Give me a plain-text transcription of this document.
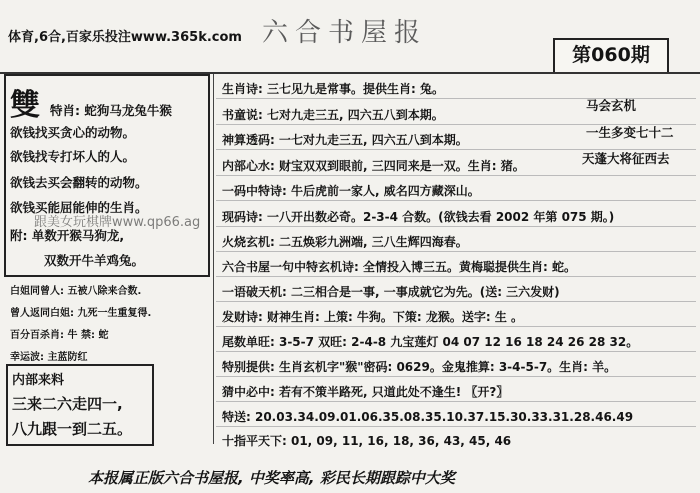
体育,6合,百家乐投注www.365k.com 六合书屋报
第060期
雙 特肖: 蛇狗马龙兔牛猴
欲钱找买贪心的动物。
欲钱找专打坏人的人。
欲钱去买会翻转的动物。
欲钱买能屈能伸的生肖。
跟美女玩棋牌www.qp66.ag
附: 单数开猴马狗龙,
双数开牛羊鸡兔。
白姐同曾人: 五被八除来合数.
曾人返同白姐: 九死一生重复得.
百分百杀肖: 牛 禁: 蛇
幸运波: 主蓝防红
内部来料
三来二六走四一,
八九跟一到二五。
生肖诗: 三七见九是常事。提供生肖: 兔。
书童说: 七对九走三五, 四六五八到本期。
神算透码: 一七对九走三五, 四六五八到本期。
内部心水: 财宝双双到眼前, 三四同来是一双。生肖: 猪。
一码中特诗: 牛后虎前一家人, 威名四方藏深山。
现码诗: 一八开出数必奇。2-3-4 合数。(欲钱去看 2002 年第 075 期。)
火烧玄机: 二五焕彩九洲端, 三八生辉四海春。
六合书屋一句中特玄机诗: 全情投入博三五。黄梅聪提供生肖: 蛇。
一语破天机: 二三相合是一事, 一事成就它为先。(送: 三六发财)
发财诗: 财神生肖: 上策: 牛狗。下策: 龙猴。送字: 生 。
尾数单旺: 3-5-7 双旺: 2-4-8 九宝莲灯 04 07 12 16 18 24 26 28 32。
特别提供: 生肖玄机字"猴"密码: 0629。金鬼推算: 3-4-5-7。生肖: 羊。
猜中必中: 若有不策半路死, 只道此处不逢生! 〖开?〗
特送: 20.03.34.09.01.06.35.08.35.10.37.15.30.33.31.28.46.49
十指平天下: 01, 09, 11, 16, 18, 36, 43, 45, 46
马会玄机
一生多变七十二
天蓬大将征西去
本报属正版六合书屋报, 中奖率高, 彩民长期跟踪中大奖
